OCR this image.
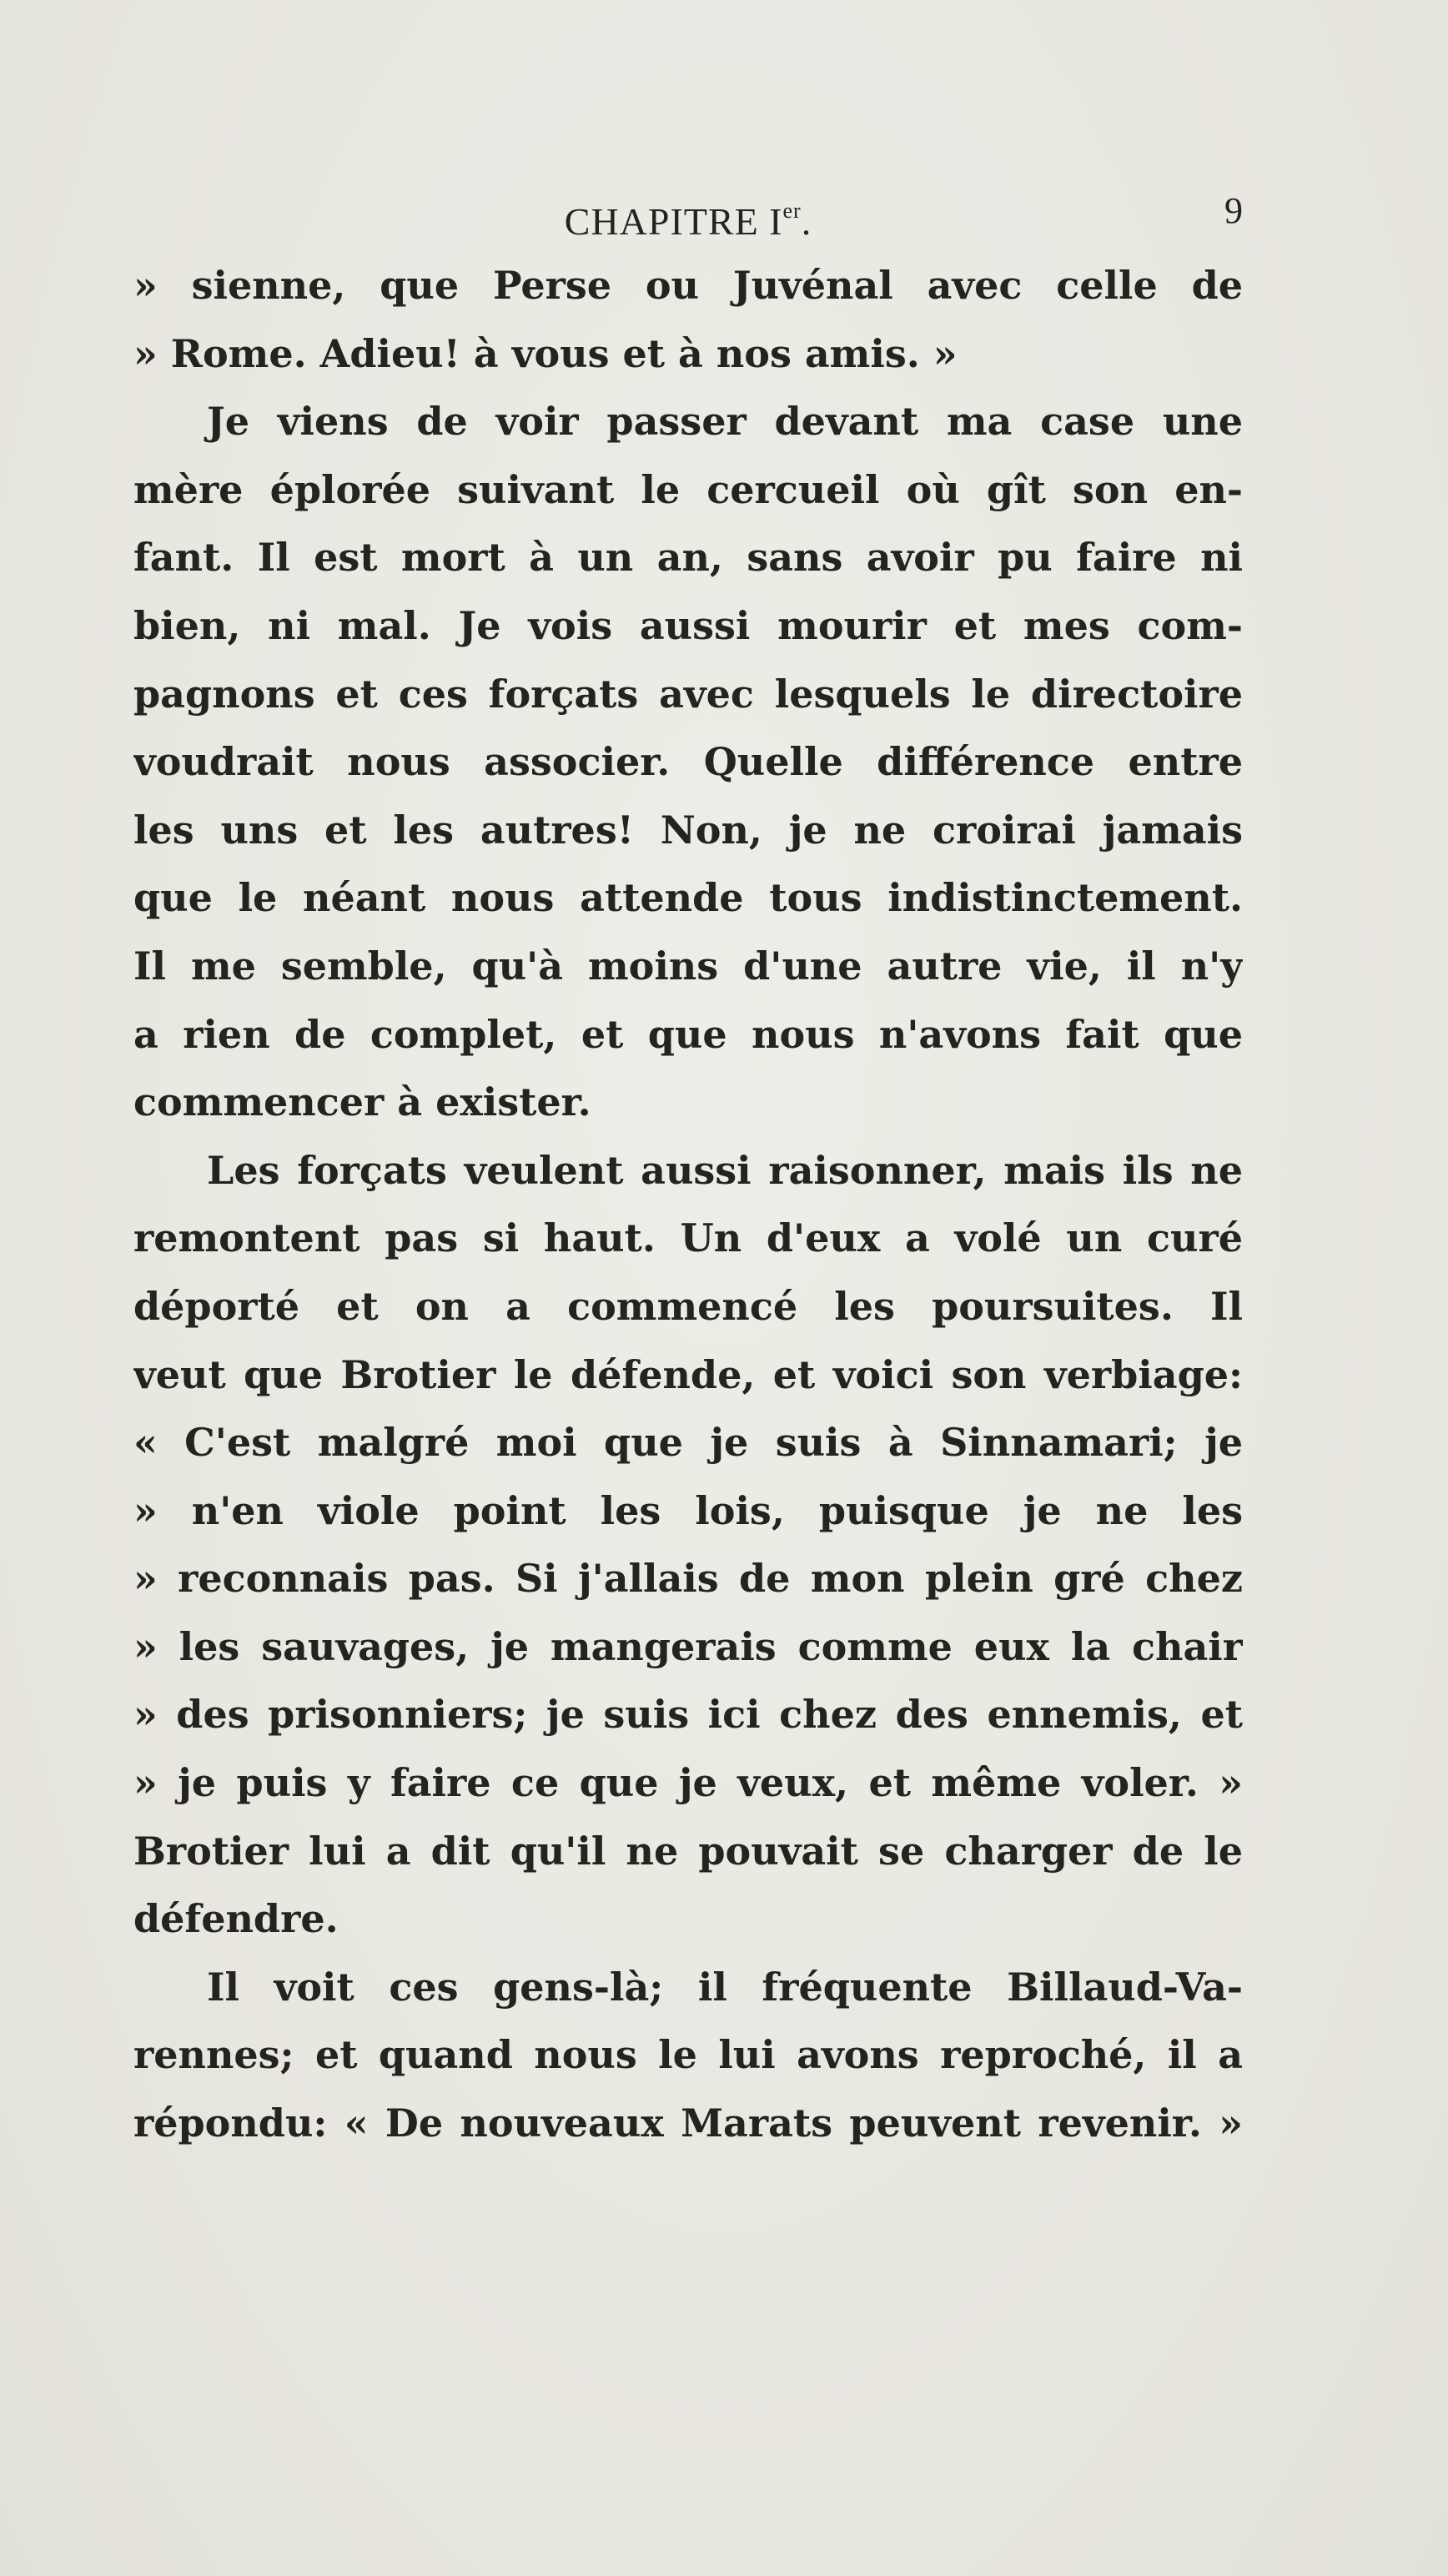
CHAPITRE Ier.	9
» sienne, que Perse ou Juvénal avec celle de
» Rome. Adieu! à vous et à nos amis. »
Je viens de voir passer devant ma case une
mère éplorée suivant le cercueil où gît son en-
fant. Il est mort à un an, sans avoir pu faire ni
bien, ni mal. Je vois aussi mourir et mes com-
pagnons et ces forçats avec lesquels le directoire
voudrait nous associer. Quelle différence entre
les uns et les autres! Non, je ne croirai jamais
que le néant nous attende tous indistinctement.
Il me semble, qu'à moins d'une autre vie, il n'y
a rien de complet, et que nous n'avons fait que
commencer à exister.
Les forçats veulent aussi raisonner, mais ils ne
remontent pas si haut. Un d'eux a volé un curé
déporté et on a commencé les poursuites. Il
veut que Brotier le défende, et voici son verbiage:
« C'est malgré moi que je suis à Sinnamari; je
» n'en viole point les lois, puisque je ne les
» reconnais pas. Si j'allais de mon plein gré chez
» les sauvages, je mangerais comme eux la chair
» des prisonniers; je suis ici chez des ennemis, et
» je puis y faire ce que je veux, et même voler. »
Brotier lui a dit qu'il ne pouvait se charger de le
défendre.
Il voit ces gens-là; il fréquente Billaud-Va-
rennes; et quand nous le lui avons reproché, il a
répondu: « De nouveaux Marats peuvent revenir. »
